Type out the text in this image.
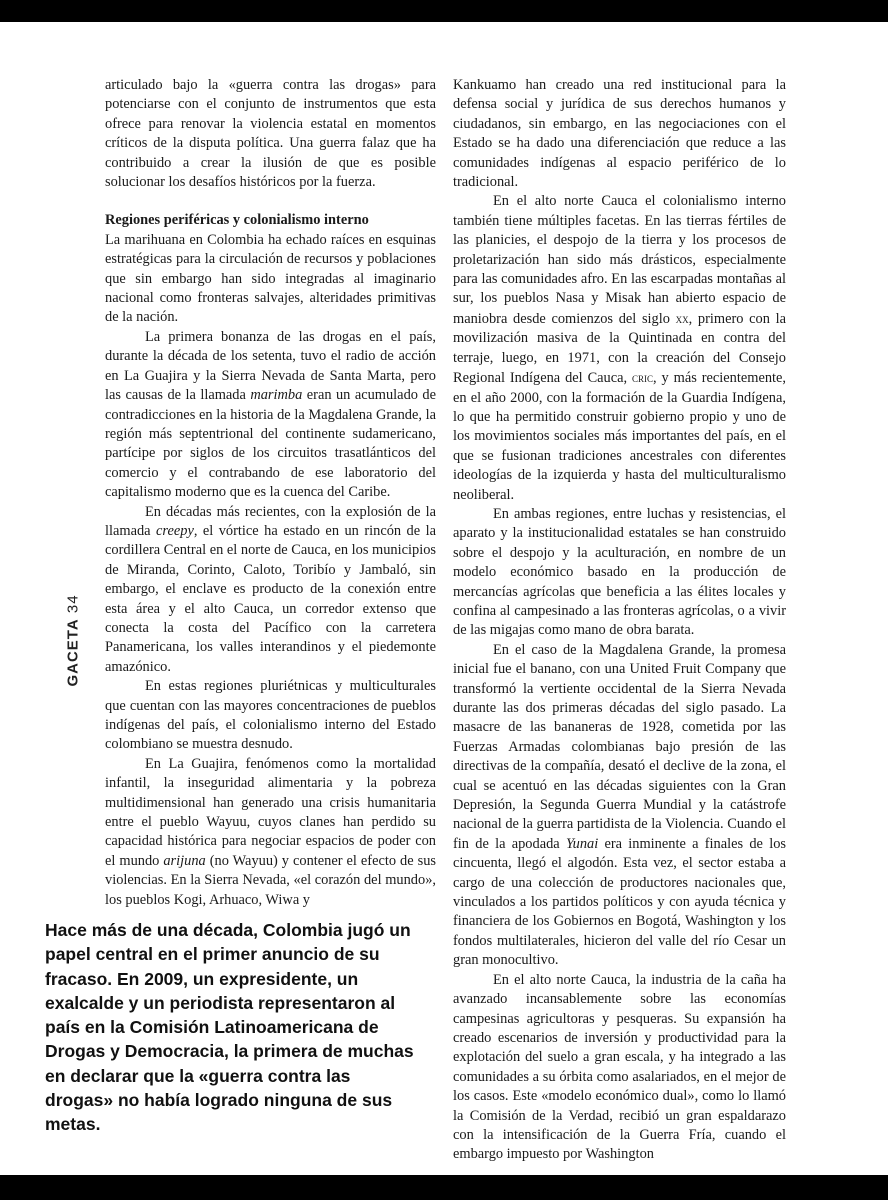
GACETA 34

articulado bajo la «guerra contra las drogas» para potenciarse con el conjunto de instrumentos que esta ofrece para renovar la violencia estatal en momentos críticos de la disputa política. Una guerra falaz que ha contribuido a crear la ilusión de que es posible solucionar los desafíos históricos por la fuerza.

Regiones periféricas y colonialismo interno

La marihuana en Colombia ha echado raíces en esquinas estratégicas para la circulación de recursos y poblaciones que sin embargo han sido integradas al imaginario nacional como fronteras salvajes, alteridades primitivas de la nación.

La primera bonanza de las drogas en el país, durante la década de los setenta, tuvo el radio de acción en La Guajira y la Sierra Nevada de Santa Marta, pero las causas de la llamada marimba eran un acumulado de contradicciones en la historia de la Magdalena Grande, la región más septentrional del continente sudamericano, partícipe por siglos de los circuitos trasatlánticos del comercio y el contrabando de ese laboratorio del capitalismo moderno que es la cuenca del Caribe.

En décadas más recientes, con la explosión de la llamada creepy, el vórtice ha estado en un rincón de la cordillera Central en el norte de Cauca, en los municipios de Miranda, Corinto, Caloto, Toribío y Jambaló, sin embargo, el enclave es producto de la conexión entre esta área y el alto Cauca, un corredor extenso que conecta la costa del Pacífico con la carretera Panamericana, los valles interandinos y el piedemonte amazónico.

En estas regiones pluriétnicas y multiculturales que cuentan con las mayores concentraciones de pueblos indígenas del país, el colonialismo interno del Estado colombiano se muestra desnudo.

En La Guajira, fenómenos como la mortalidad infantil, la inseguridad alimentaria y la pobreza multidimensional han generado una crisis humanitaria entre el pueblo Wayuu, cuyos clanes han perdido su capacidad histórica para negociar espacios de poder con el mundo arijuna (no Wayuu) y contener el efecto de sus violencias. En la Sierra Nevada, «el corazón del mundo», los pueblos Kogi, Arhuaco, Wiwa y

Kankuamo han creado una red institucional para la defensa social y jurídica de sus derechos humanos y ciudadanos, sin embargo, en las negociaciones con el Estado se ha dado una diferenciación que reduce a las comunidades indígenas al espacio periférico de lo tradicional.

En el alto norte Cauca el colonialismo interno también tiene múltiples facetas. En las tierras fértiles de las planicies, el despojo de la tierra y los procesos de proletarización han sido más drásticos, especialmente para las comunidades afro. En las escarpadas montañas al sur, los pueblos Nasa y Misak han abierto espacio de maniobra desde comienzos del siglo xx, primero con la movilización masiva de la Quintinada en contra del terraje, luego, en 1971, con la creación del Consejo Regional Indígena del Cauca, cric, y más recientemente, en el año 2000, con la formación de la Guardia Indígena, lo que ha permitido construir gobierno propio y uno de los movimientos sociales más importantes del país, en el que se fusionan tradiciones ancestrales con diferentes ideologías de la izquierda y hasta del multiculturalismo neoliberal.

En ambas regiones, entre luchas y resistencias, el aparato y la institucionalidad estatales se han construido sobre el despojo y la aculturación, en nombre de un modelo económico basado en la producción de mercancías agrícolas que beneficia a las élites locales y confina al campesinado a las fronteras agrícolas, o a vivir de las migajas como mano de obra barata.

En el caso de la Magdalena Grande, la promesa inicial fue el banano, con una United Fruit Company que transformó la vertiente occidental de la Sierra Nevada durante las dos primeras décadas del siglo pasado. La masacre de las bananeras de 1928, cometida por las Fuerzas Armadas colombianas bajo presión de las directivas de la compañía, desató el declive de la zona, el cual se acentuó en las décadas siguientes con la Gran Depresión, la Segunda Guerra Mundial y la catástrofe nacional de la guerra partidista de la Violencia. Cuando el fin de la apodada Yunai era inminente a finales de los cincuenta, llegó el algodón. Esta vez, el sector estaba a cargo de una colección de productores nacionales que, vinculados a los partidos políticos y con ayuda técnica y financiera de los Gobiernos en Bogotá, Washington y los fondos multilaterales, hicieron del valle del río Cesar un gran monocultivo.

En el alto norte Cauca, la industria de la caña ha avanzado incansablemente sobre las economías campesinas agricultoras y pesqueras. Su expansión ha creado escenarios de inversión y productividad para la explotación del suelo a gran escala, y ha integrado a las comunidades a su órbita como asalariados, en el mejor de los casos. Este «modelo económico dual», como lo llamó la Comisión de la Verdad, recibió un gran espaldarazo con la intensificación de la Guerra Fría, cuando el embargo impuesto por Washington

Hace más de una década, Colombia jugó un papel central en el primer anuncio de su fracaso. En 2009, un expresidente, un exalcalde y un periodista representaron al país en la Comisión Latinoamericana de Drogas y Democracia, la primera de muchas en declarar que la «guerra contra las drogas» no había logrado ninguna de sus metas.
